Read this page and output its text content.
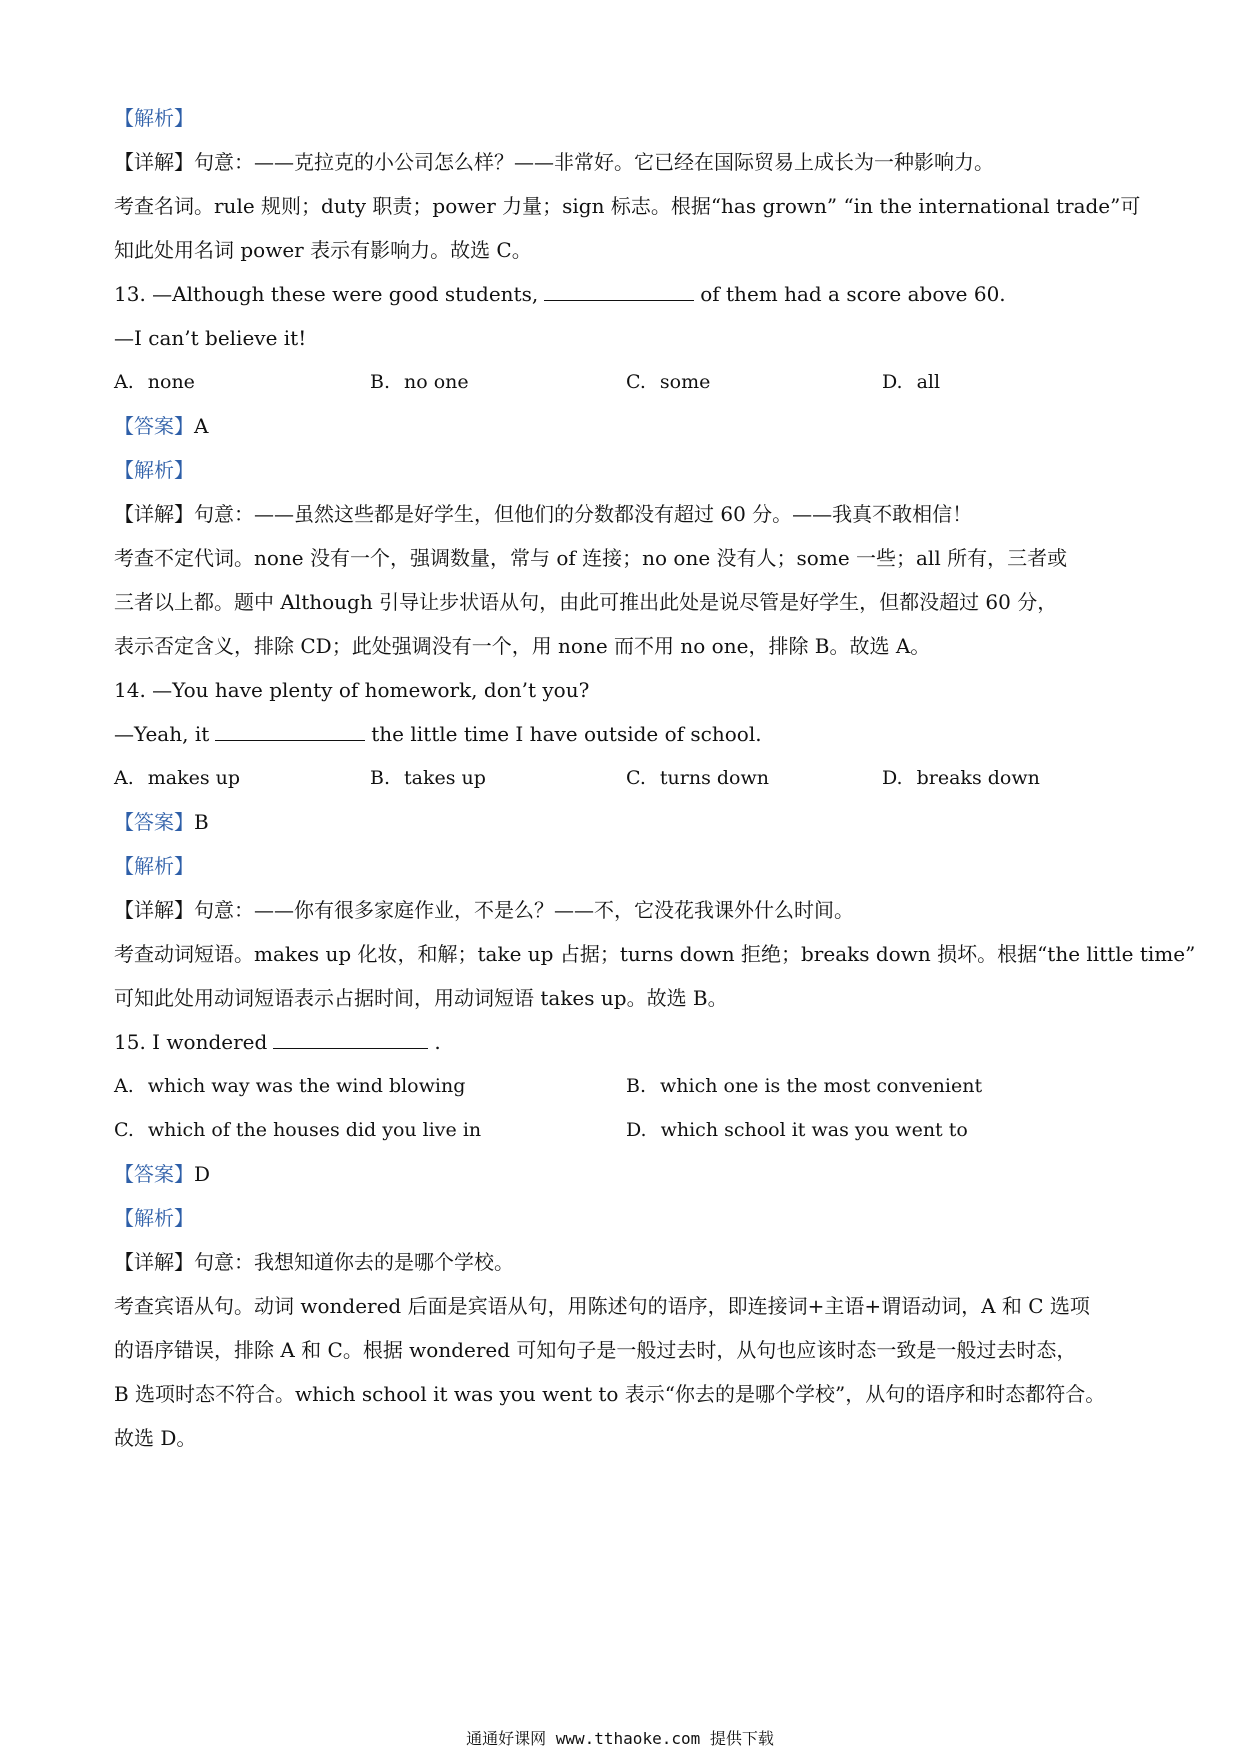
【解析】
【详解】句意：——克拉克的小公司怎么样？——非常好。它已经在国际贸易上成长为一种影响力。
考查名词。rule 规则；duty 职责；power 力量；sign 标志。根据“has grown” “in the international trade”可
知此处用名词 power 表示有影响力。故选 C。
13. —Although these were good students,	of them had a score above 60.
—I can’t believe it!
A. none	B. no one	C. some	D. all
【答案】A
【解析】
【详解】句意：——虽然这些都是好学生，但他们的分数都没有超过 60 分。——我真不敢相信！
考查不定代词。none 没有一个，强调数量，常与 of 连接；no one 没有人；some 一些；all 所有，三者或
三者以上都。题中 Although 引导让步状语从句，由此可推出此处是说尽管是好学生，但都没超过 60 分，
表示否定含义，排除 CD；此处强调没有一个，用 none 而不用 no one，排除 B。故选 A。
14. —You have plenty of homework, don’t you?
—Yeah, it	the little time I have outside of school.
A. makes up	B. takes up	C. turns down	D. breaks down
【答案】B
【解析】
【详解】句意：——你有很多家庭作业，不是么？——不，它没花我课外什么时间。
考查动词短语。makes up 化妆，和解；take up 占据；turns down 拒绝；breaks down 损坏。根据“the little time”
可知此处用动词短语表示占据时间，用动词短语 takes up。故选 B。
15. I wondered	.
A. which way was the wind blowing	B. which one is the most convenient
C. which of the houses did you live in	D. which school it was you went to
【答案】D
【解析】
【详解】句意：我想知道你去的是哪个学校。
考查宾语从句。动词 wondered 后面是宾语从句，用陈述句的语序，即连接词+主语+谓语动词，A 和 C 选项
的语序错误，排除 A 和 C。根据 wondered 可知句子是一般过去时，从句也应该时态一致是一般过去时态，
B 选项时态不符合。which school it was you went to 表示“你去的是哪个学校”，从句的语序和时态都符合。
故选 D。
通通好课网 www.tthaoke.com 提供下载
